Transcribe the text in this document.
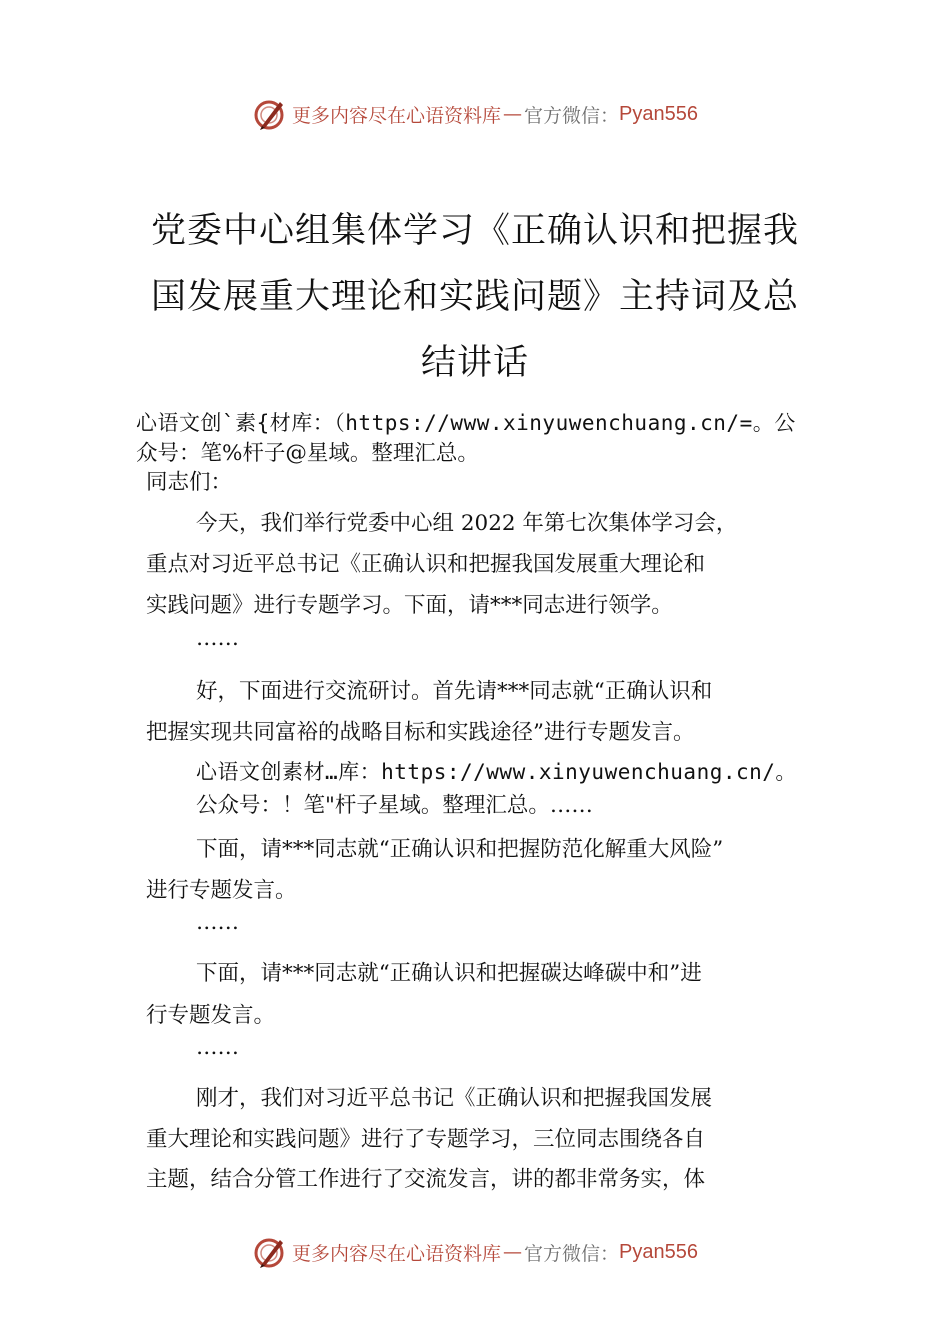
更多内容尽在心语资料库 — 官方微信： Pyan556
党委中心组集体学习《正确认识和把握我
国发展重大理论和实践问题》主持词及总
结讲话
心语文创`素{材库：（https://www.xinyuwenchuang.cn/=。公
众号：笔%杆子@星域。整理汇总。
同志们：
今天，我们举行党委中心组 2022 年第七次集体学习会，
重点对习近平总书记《正确认识和把握我国发展重大理论和
实践问题》进行专题学习。下面，请***同志进行领学。
……
好，下面进行交流研讨。首先请***同志就“正确认识和
把握实现共同富裕的战略目标和实践途径”进行专题发言。
心语文创素材…库：https://www.xinyuwenchuang.cn/。
公众号：！笔"杆子星域。整理汇总。……
下面，请***同志就“正确认识和把握防范化解重大风险”
进行专题发言。
……
下面，请***同志就“正确认识和把握碳达峰碳中和”进
行专题发言。
……
刚才，我们对习近平总书记《正确认识和把握我国发展
重大理论和实践问题》进行了专题学习，三位同志围绕各自
主题，结合分管工作进行了交流发言，讲的都非常务实，体
更多内容尽在心语资料库 — 官方微信： Pyan556
